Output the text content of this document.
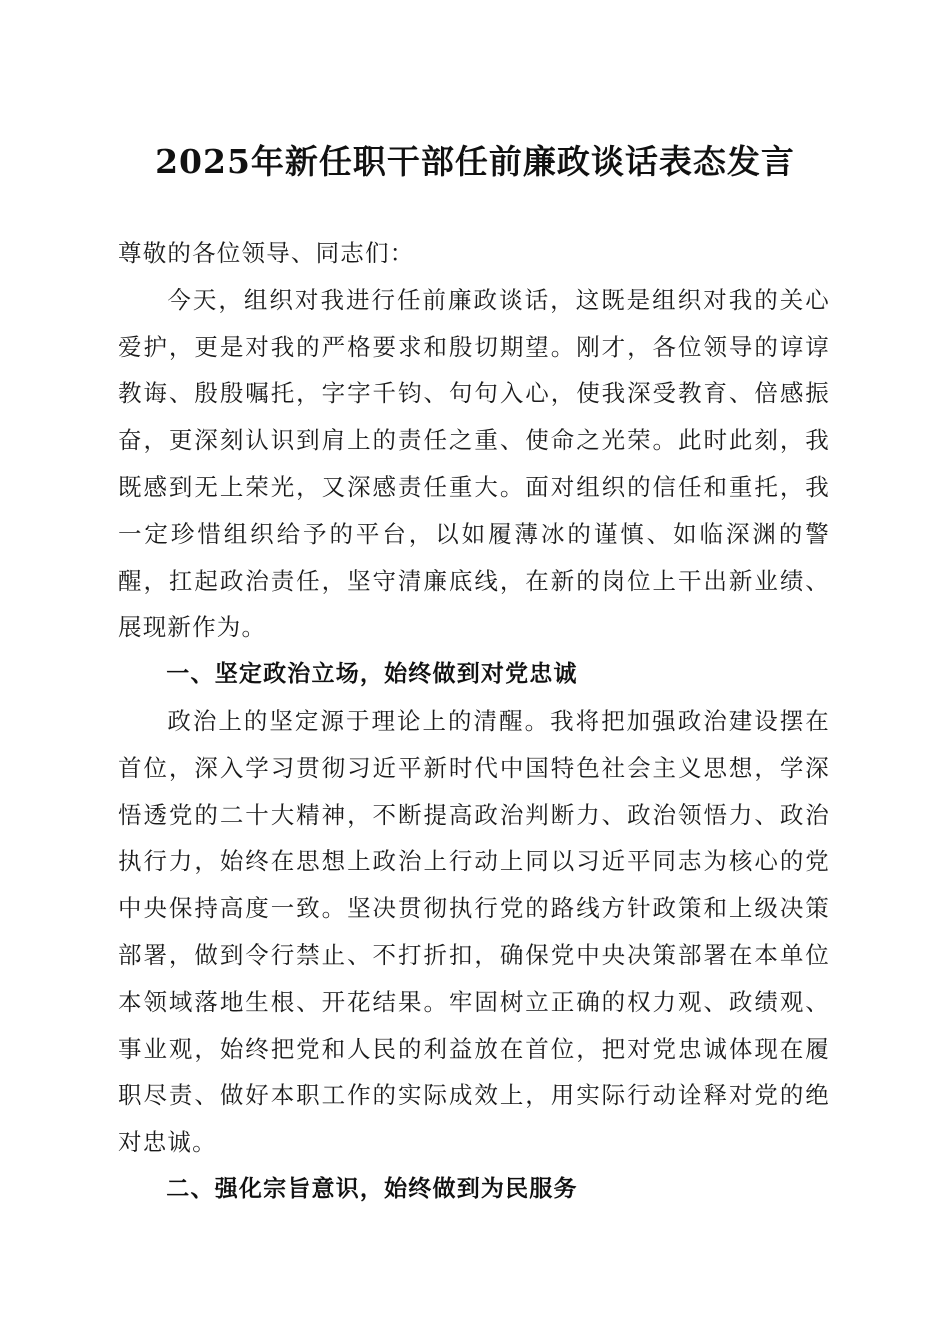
2025年新任职干部任前廉政谈话表态发言

尊敬的各位领导、同志们：

今天，组织对我进行任前廉政谈话，这既是组织对我的关心爱护，更是对我的严格要求和殷切期望。刚才，各位领导的谆谆教诲、殷殷嘱托，字字千钧、句句入心，使我深受教育、倍感振奋，更深刻认识到肩上的责任之重、使命之光荣。此时此刻，我既感到无上荣光，又深感责任重大。面对组织的信任和重托，我一定珍惜组织给予的平台，以如履薄冰的谨慎、如临深渊的警醒，扛起政治责任，坚守清廉底线，在新的岗位上干出新业绩、展现新作为。

一、坚定政治立场，始终做到对党忠诚

政治上的坚定源于理论上的清醒。我将把加强政治建设摆在首位，深入学习贯彻习近平新时代中国特色社会主义思想，学深悟透党的二十大精神，不断提高政治判断力、政治领悟力、政治执行力，始终在思想上政治上行动上同以习近平同志为核心的党中央保持高度一致。坚决贯彻执行党的路线方针政策和上级决策部署，做到令行禁止、不打折扣，确保党中央决策部署在本单位本领域落地生根、开花结果。牢固树立正确的权力观、政绩观、事业观，始终把党和人民的利益放在首位，把对党忠诚体现在履职尽责、做好本职工作的实际成效上，用实际行动诠释对党的绝对忠诚。

二、强化宗旨意识，始终做到为民服务
